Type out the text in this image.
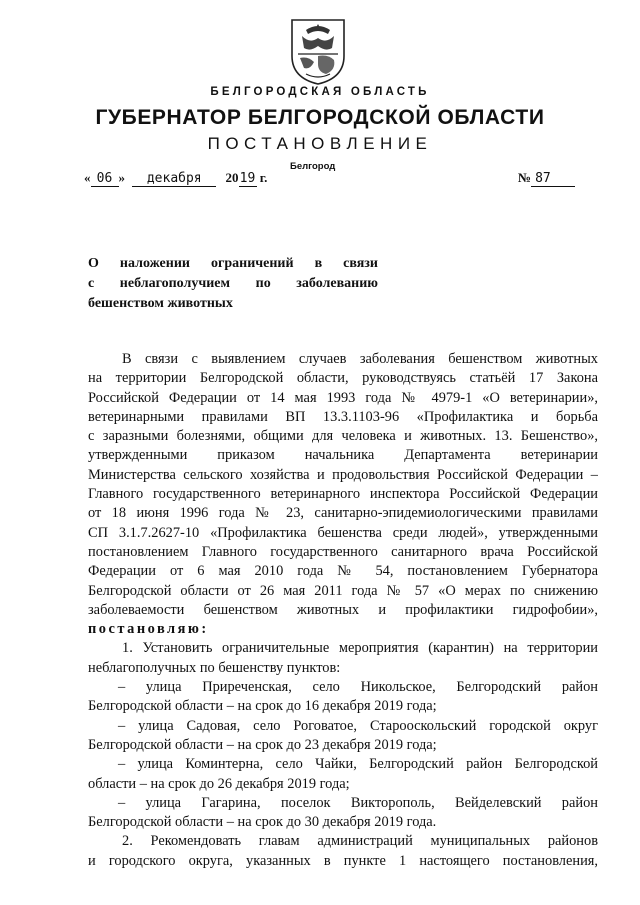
БЕЛГОРОДСКАЯ ОБЛАСТЬ
ГУБЕРНАТОР БЕЛГОРОДСКОЙ ОБЛАСТИ
ПОСТАНОВЛЕНИЕ
Белгород
« 06 » декабря 2019 г.	№ 87
О наложении ограничений в связи
с неблагополучием по заболеванию
бешенством животных
В связи с выявлением случаев заболевания бешенством животных
на территории Белгородской области, руководствуясь статьёй 17 Закона
Российской Федерации от 14 мая 1993 года № 4979-1 «О ветеринарии»,
ветеринарными правилами ВП 13.3.1103-96 «Профилактика и борьба
с заразными болезнями, общими для человека и животных. 13. Бешенство»,
утвержденными приказом начальника Департамента ветеринарии
Министерства сельского хозяйства и продовольствия Российской Федерации –
Главного государственного ветеринарного инспектора Российской Федерации
от 18 июня 1996 года № 23, санитарно-эпидемиологическими правилами
СП 3.1.7.2627-10 «Профилактика бешенства среди людей», утвержденными
постановлением Главного государственного санитарного врача Российской
Федерации от 6 мая 2010 года № 54, постановлением Губернатора
Белгородской области от 26 мая 2011 года № 57 «О мерах по снижению
заболеваемости бешенством животных и профилактики гидрофобии»,
постановляю:
1. Установить ограничительные мероприятия (карантин) на территории
неблагополучных по бешенству пунктов:
– улица Приреченская, село Никольское, Белгородский район
Белгородской области – на срок до 16 декабря 2019 года;
– улица Садовая, село Роговатое, Старооскольский городской округ
Белгородской области – на срок до 23 декабря 2019 года;
– улица Коминтерна, село Чайки, Белгородский район Белгородской
области – на срок до 26 декабря 2019 года;
– улица Гагарина, поселок Викторополь, Вейделевский район
Белгородской области – на срок до 30 декабря 2019 года.
2. Рекомендовать главам администраций муниципальных районов
и городского округа, указанных в пункте 1 настоящего постановления,
